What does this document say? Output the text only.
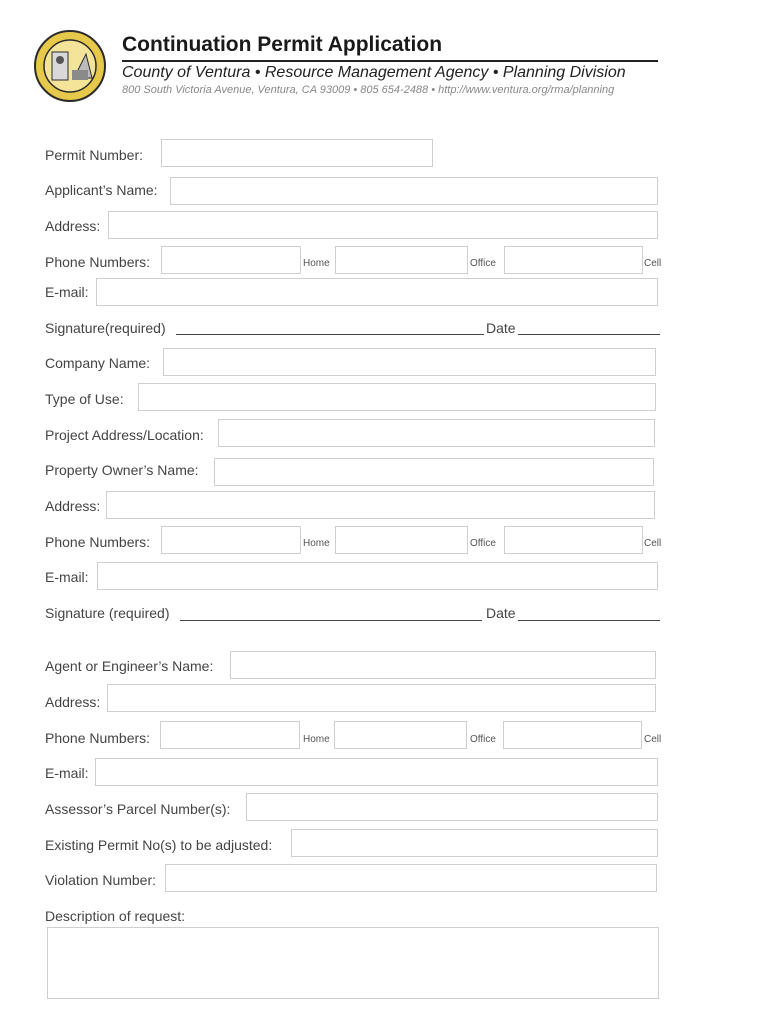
Continuation Permit Application
County of Ventura • Resource Management Agency • Planning Division
800 South Victoria Avenue, Ventura, CA 93009 • 805 654-2488 • http://www.ventura.org/rma/planning
Permit Number:
Applicant’s Name:
Address:
Phone Numbers:	Home	Office	Cell
E-mail:
Signature(required)	Date
Company Name:
Type of Use:
Project Address/Location:
Property Owner’s Name:
Address:
Phone Numbers:	Home	Office	Cell
E-mail:
Signature (required)	Date
Agent or Engineer’s Name:
Address:
Phone Numbers:	Home	Office	Cell
E-mail:
Assessor’s Parcel Number(s):
Existing Permit No(s) to be adjusted:
Violation Number:
Description of request:
